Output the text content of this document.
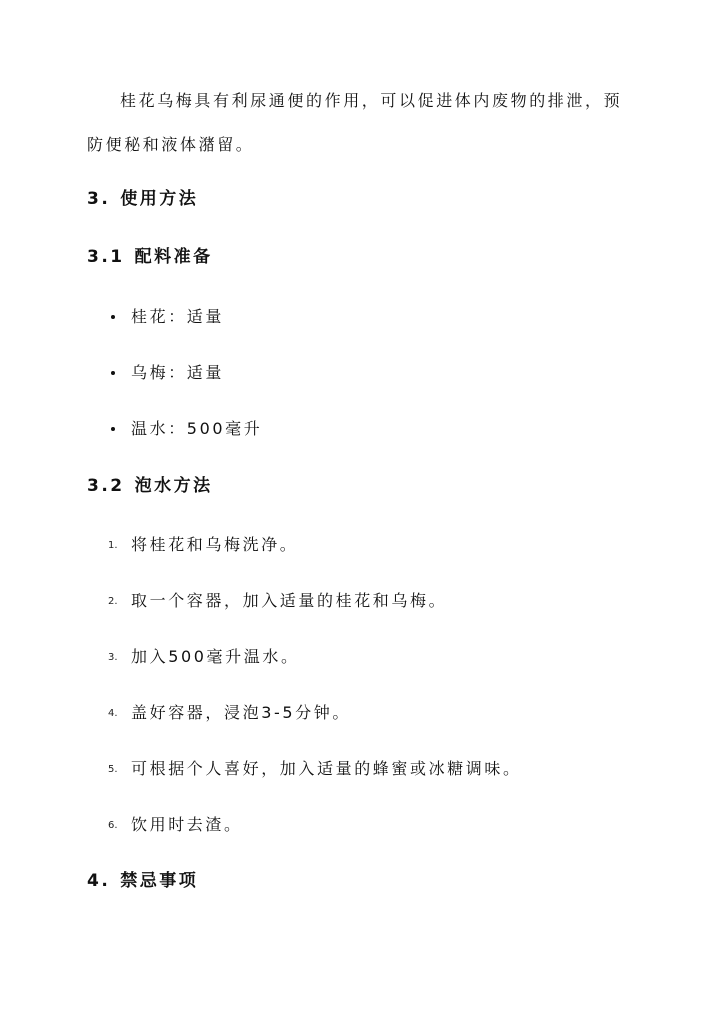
桂花乌梅具有利尿通便的作用，可以促进体内废物的排泄，预
防便秘和液体潴留。
3. 使用方法
3.1 配料准备
桂花：适量
乌梅：适量
温水：500毫升
3.2 泡水方法
1. 将桂花和乌梅洗净。
2. 取一个容器，加入适量的桂花和乌梅。
3. 加入500毫升温水。
4. 盖好容器，浸泡3-5分钟。
5. 可根据个人喜好，加入适量的蜂蜜或冰糖调味。
6. 饮用时去渣。
4. 禁忌事项
